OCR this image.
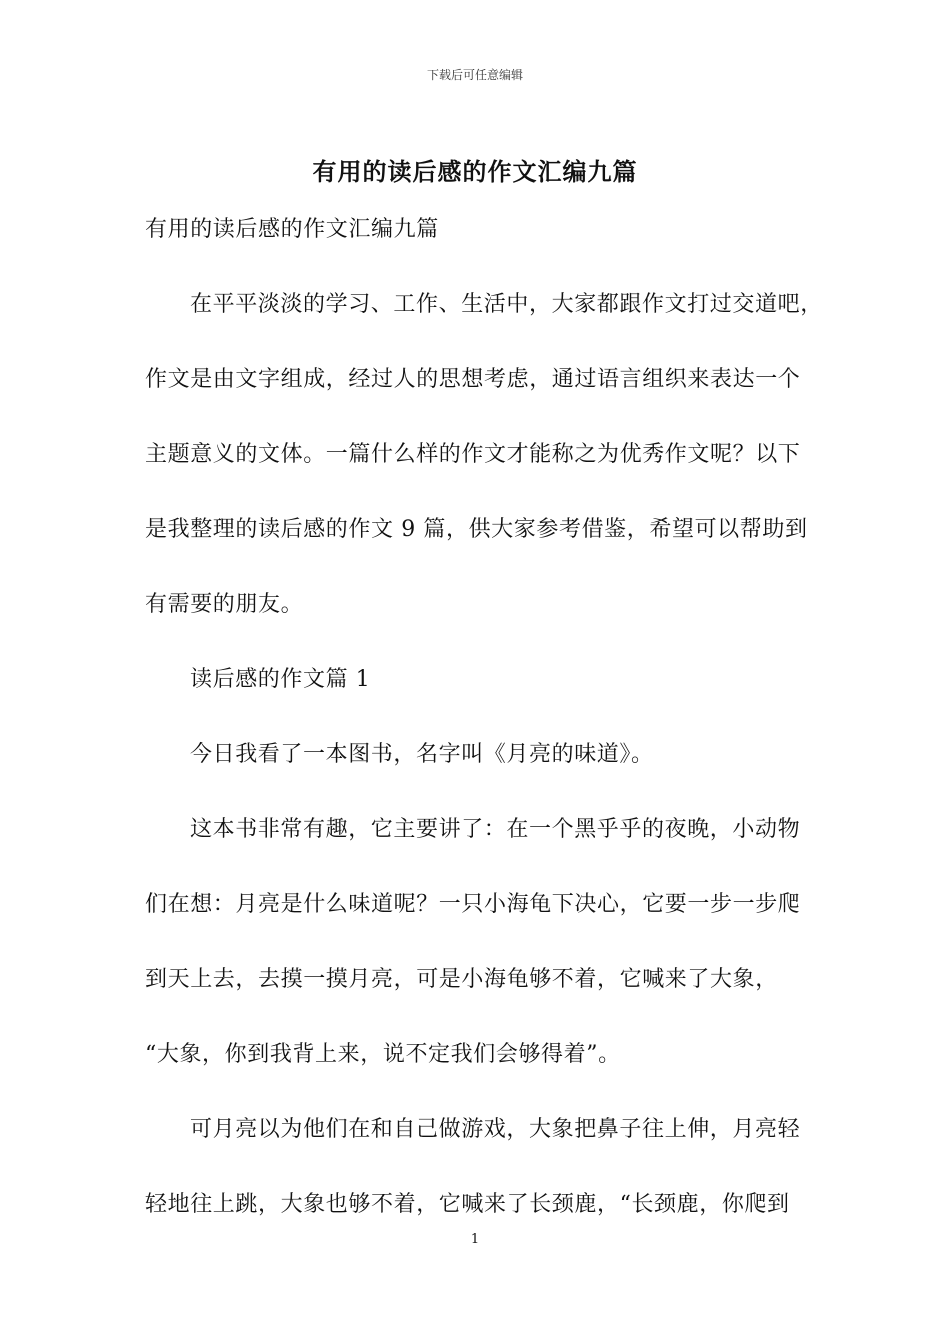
下载后可任意编辑
有用的读后感的作文汇编九篇
有用的读后感的作文汇编九篇
在平平淡淡的学习、工作、生活中，大家都跟作文打过交道吧，
作文是由文字组成，经过人的思想考虑，通过语言组织来表达一个
主题意义的文体。一篇什么样的作文才能称之为优秀作文呢？以下
是我整理的读后感的作文 9 篇，供大家参考借鉴，希望可以帮助到
有需要的朋友。
读后感的作文篇 1
今日我看了一本图书，名字叫《月亮的味道》。
这本书非常有趣，它主要讲了：在一个黑乎乎的夜晚，小动物
们在想：月亮是什么味道呢？一只小海龟下决心，它要一步一步爬
到天上去，去摸一摸月亮，可是小海龟够不着，它喊来了大象，
“大象，你到我背上来，说不定我们会够得着”。
可月亮以为他们在和自己做游戏，大象把鼻子往上伸，月亮轻
轻地往上跳，大象也够不着，它喊来了长颈鹿，“长颈鹿，你爬到
1
